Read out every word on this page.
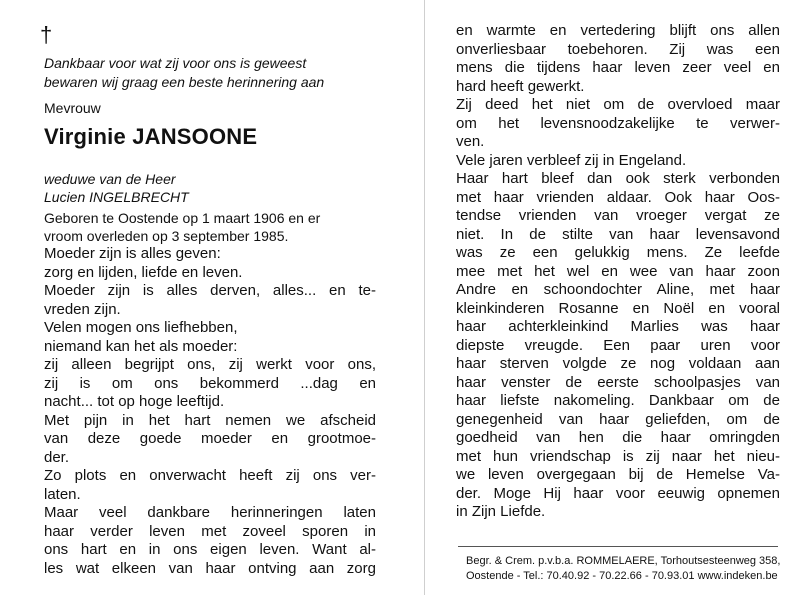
†
Dankbaar voor wat zij voor ons is geweest
bewaren wij graag een beste herinnering aan
Mevrouw
Virginie JANSOONE
weduwe van de Heer
Lucien INGELBRECHT
Geboren te Oostende op 1 maart 1906 en er
vroom overleden op 3 september 1985.
Moeder zijn is alles geven:
zorg en lijden, liefde en leven.
Moeder zijn is alles derven, alles... en te-
vreden zijn.
Velen mogen ons liefhebben,
niemand kan het als moeder:
zij alleen begrijpt ons, zij werkt voor ons,
zij is om ons bekommerd ...dag en
nacht... tot op hoge leeftijd.
Met pijn in het hart nemen we afscheid
van deze goede moeder en grootmoe-
der.
Zo plots en onverwacht heeft zij ons ver-
laten.
Maar veel dankbare herinneringen laten
haar verder leven met zoveel sporen in
ons hart en in ons eigen leven. Want al-
les wat elkeen van haar ontving aan zorg
en warmte en vertedering blijft ons allen
onverliesbaar toebehoren. Zij was een
mens die tijdens haar leven zeer veel en
hard heeft gewerkt.
Zij deed het niet om de overvloed maar
om het levensnoodzakelijke te verwer-
ven.
Vele jaren verbleef zij in Engeland.
Haar hart bleef dan ook sterk verbonden
met haar vrienden aldaar. Ook haar Oos-
tendse vrienden van vroeger vergat ze
niet. In de stilte van haar levensavond
was ze een gelukkig mens. Ze leefde
mee met het wel en wee van haar zoon
Andre en schoondochter Aline, met haar
kleinkinderen Rosanne en Noël en vooral
haar achterkleinkind Marlies was haar
diepste vreugde. Een paar uren voor
haar sterven volgde ze nog voldaan aan
haar venster de eerste schoolpasjes van
haar liefste nakomeling. Dankbaar om de
genegenheid van haar geliefden, om de
goedheid van hen die haar omringden
met hun vriendschap is zij naar het nieu-
we leven overgegaan bij de Hemelse Va-
der. Moge Hij haar voor eeuwig opnemen
in Zijn Liefde.
Begr. & Crem. p.v.b.a. ROMMELAERE, Torhoutsesteenweg 358,
Oostende - Tel.: 70.40.92 - 70.22.66 - 70.93.01 www.indeken.be
